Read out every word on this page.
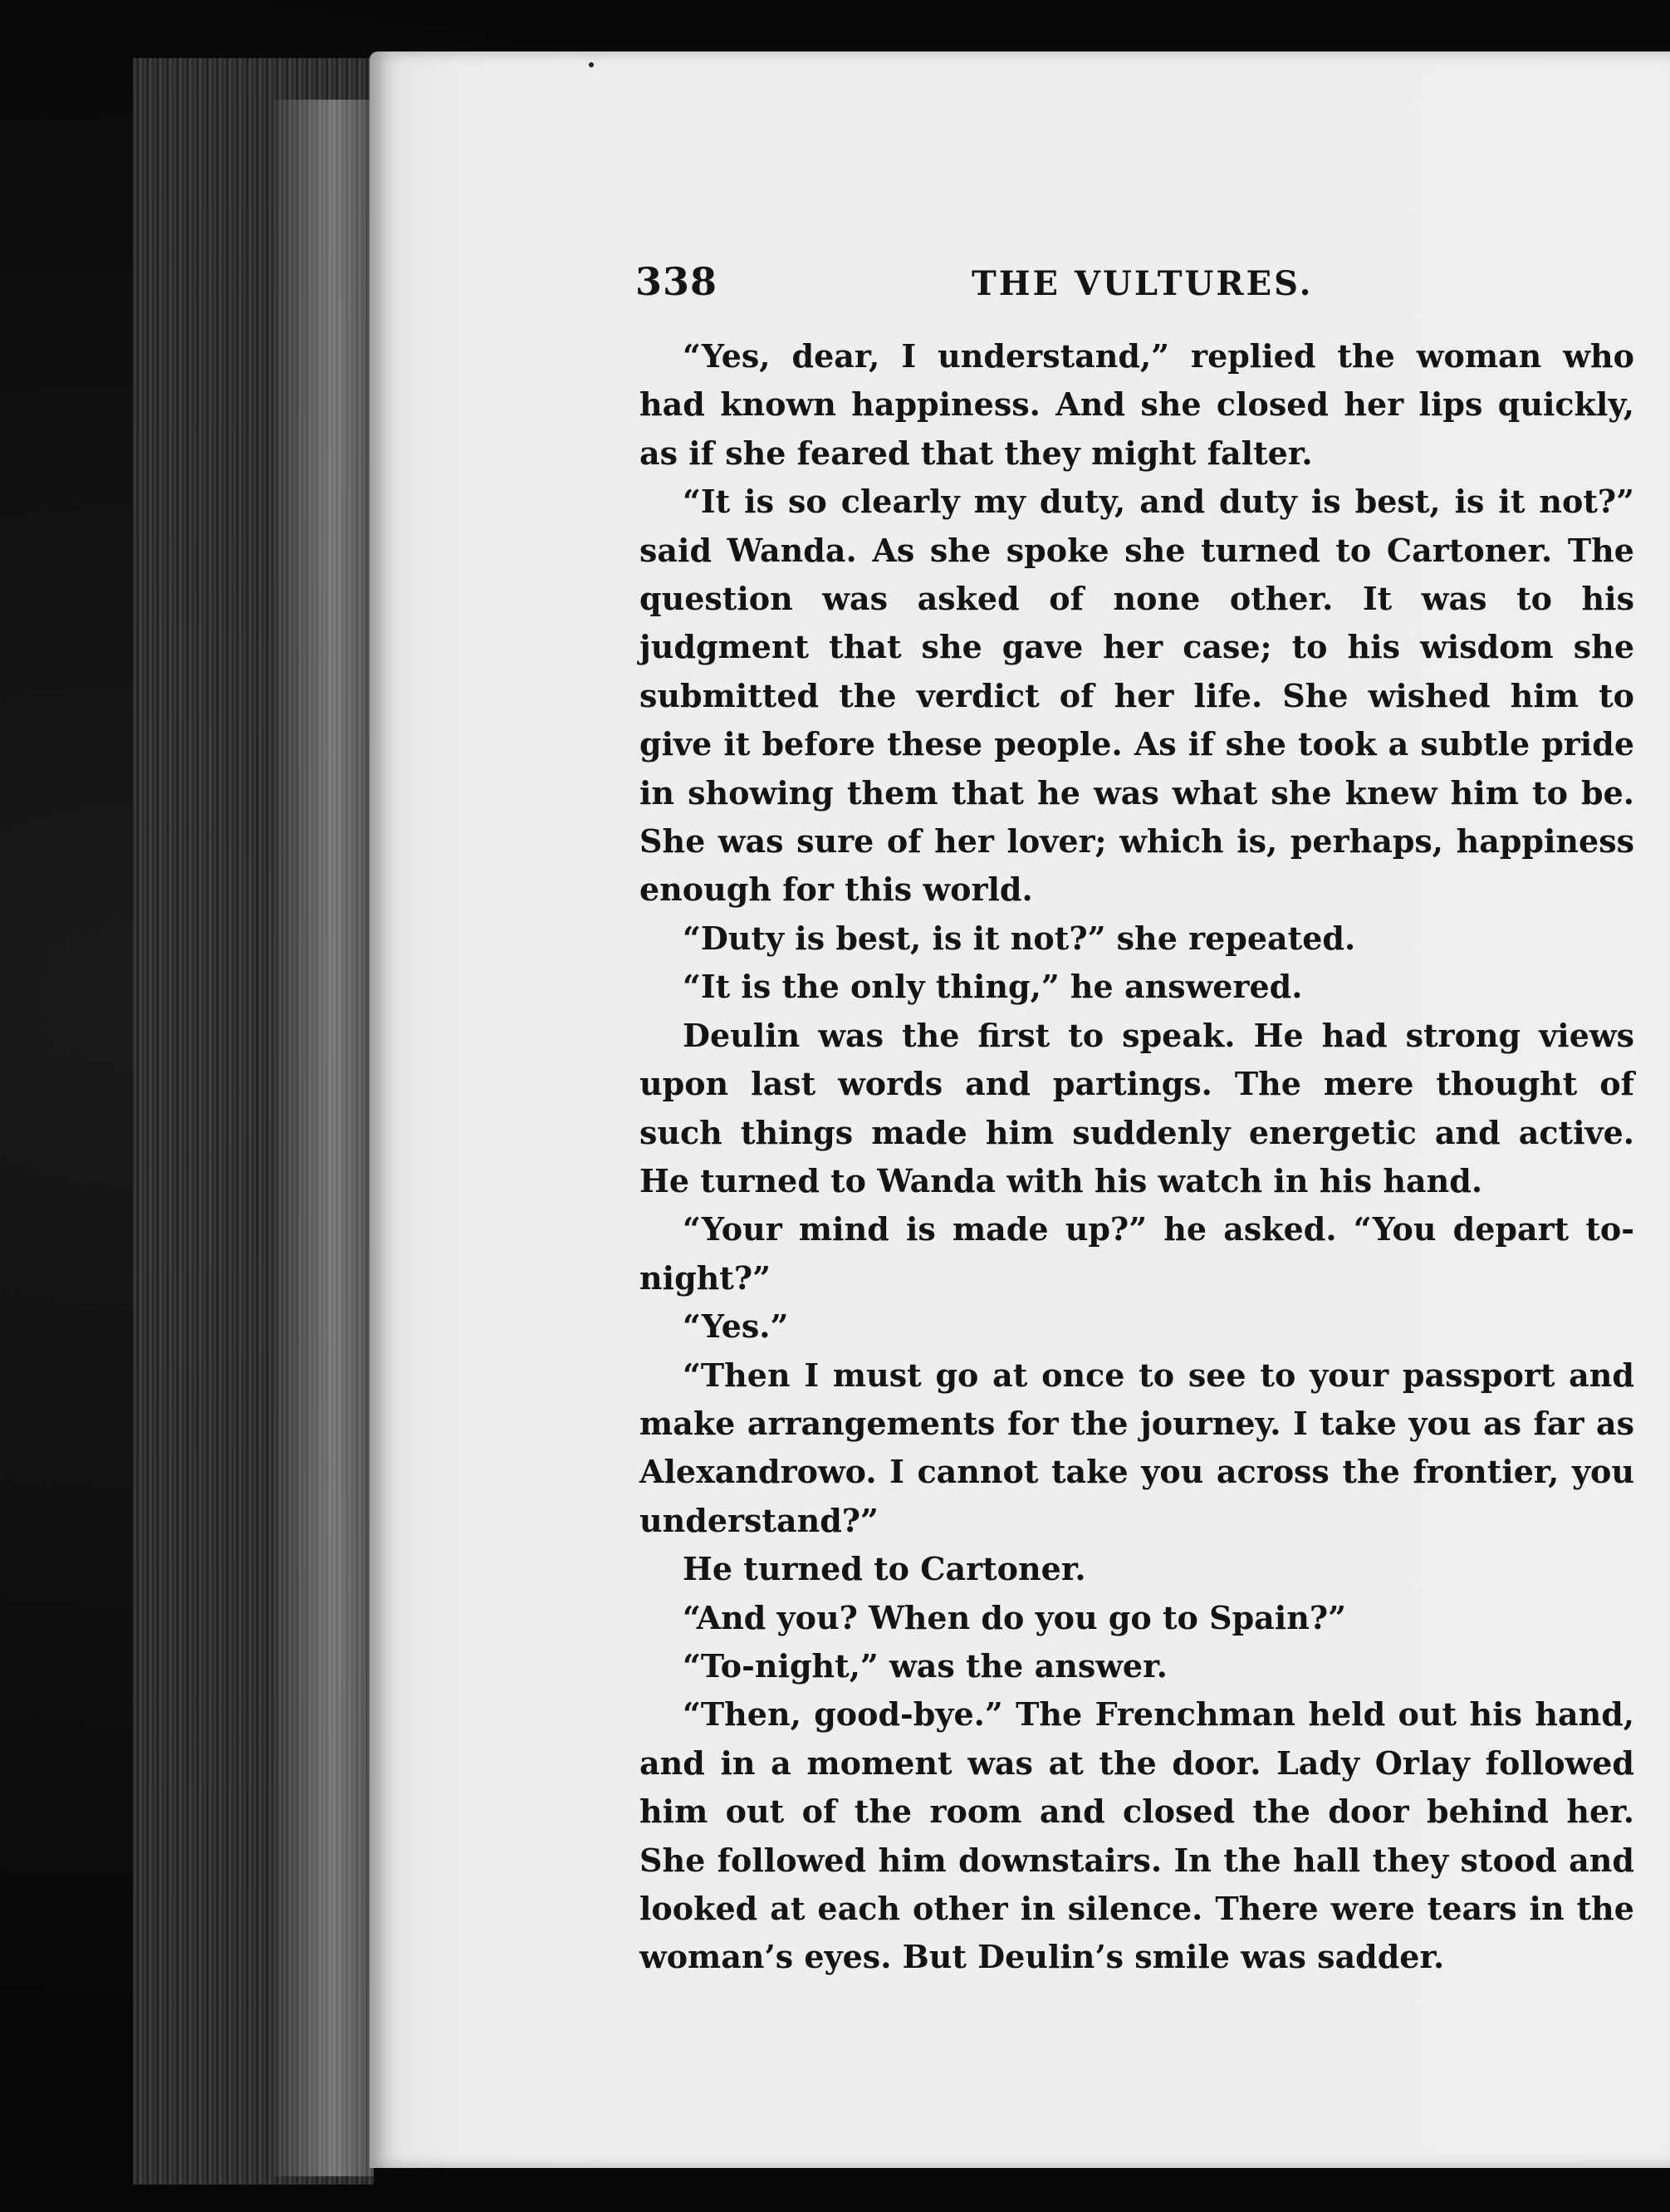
338	THE VULTURES.

“Yes, dear, I understand,” replied the woman who had known happiness. And she closed her lips quickly, as if she feared that they might falter.

“It is so clearly my duty, and duty is best, is it not?” said Wanda. As she spoke she turned to Cartoner. The question was asked of none other. It was to his judgment that she gave her case; to his wisdom she submitted the verdict of her life. She wished him to give it before these people. As if she took a subtle pride in showing them that he was what she knew him to be. She was sure of her lover; which is, perhaps, happiness enough for this world.

“Duty is best, is it not?” she repeated.

“It is the only thing,” he answered.

Deulin was the first to speak. He had strong views upon last words and partings. The mere thought of such things made him suddenly energetic and active. He turned to Wanda with his watch in his hand.

“Your mind is made up?” he asked. “You depart to-night?”

“Yes.”

“Then I must go at once to see to your passport and make arrangements for the journey. I take you as far as Alexandrowo. I cannot take you across the frontier, you understand?”

He turned to Cartoner.

“And you? When do you go to Spain?”

“To-night,” was the answer.

“Then, good-bye.” The Frenchman held out his hand, and in a moment was at the door. Lady Orlay followed him out of the room and closed the door behind her. She followed him downstairs. In the hall they stood and looked at each other in silence. There were tears in the woman’s eyes. But Deulin’s smile was sadder.
